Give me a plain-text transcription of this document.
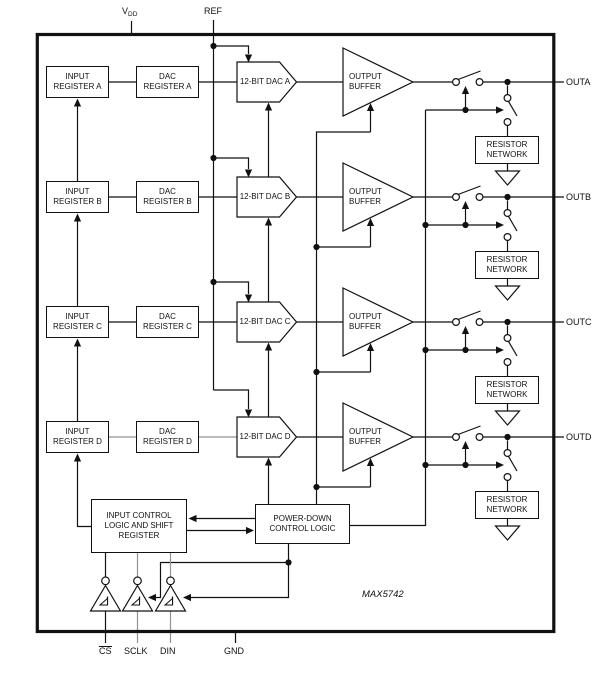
$V_{DD}$	REF
INPUT
REGISTER A
DAC
REGISTER A
12-BIT DAC A
OUTPUT
BUFFER
RESISTOR
NETWORK
OUTA
INPUT
REGISTER B
DAC
REGISTER B
12-BIT DAC B
OUTPUT
BUFFER
RESISTOR
NETWORK
OUTB
INPUT
REGISTER C
DAC
REGISTER C
12-BIT DAC C
OUTPUT
BUFFER
RESISTOR
NETWORK
OUTC
INPUT
REGISTER D
DAC
REGISTER D
12-BIT DAC D
OUTPUT
BUFFER
RESISTOR
NETWORK
OUTD
INPUT CONTROL
LOGIC AND SHIFT
REGISTER
POWER-DOWN
CONTROL LOGIC
MAX5742
CS SCLK DIN	GND
